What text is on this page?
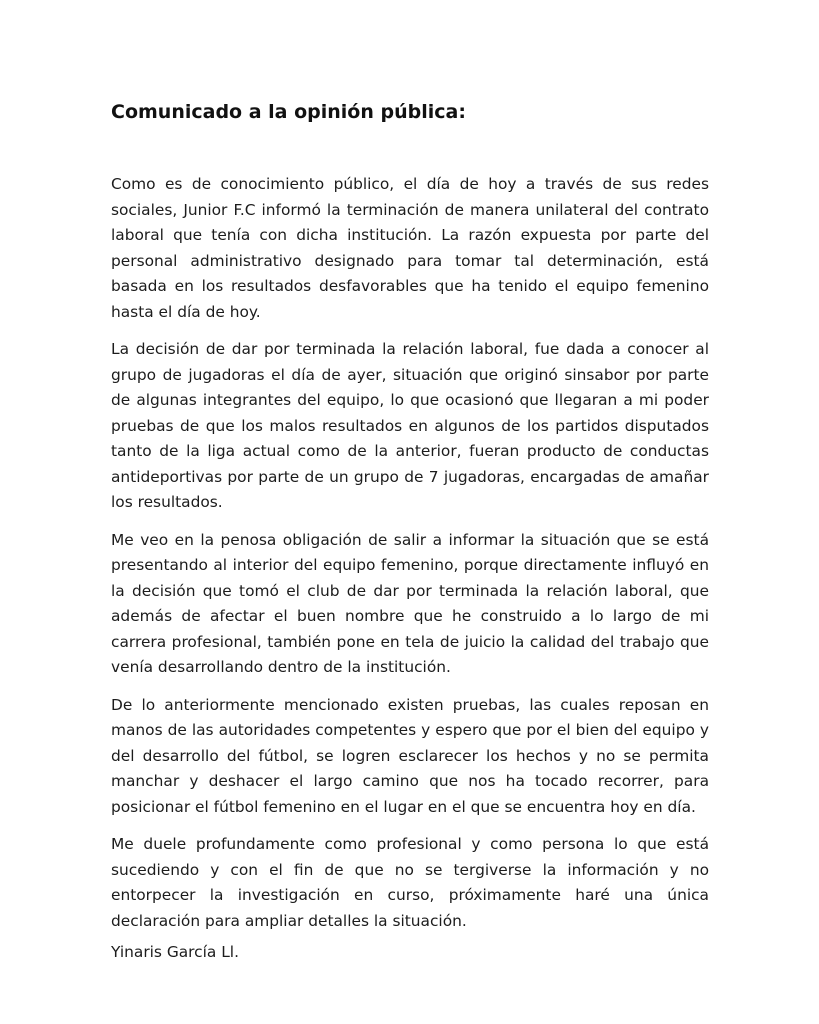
Comunicado a la opinión pública:

Como es de conocimiento público, el día de hoy a través de sus redes sociales, Junior F.C informó la terminación de manera unilateral del contrato laboral que tenía con dicha institución. La razón expuesta por parte del personal administrativo designado para tomar tal determinación, está basada en los resultados desfavorables que ha tenido el equipo femenino hasta el día de hoy.

La decisión de dar por terminada la relación laboral, fue dada a conocer al grupo de jugadoras el día de ayer, situación que originó sinsabor por parte de algunas integrantes del equipo, lo que ocasionó que llegaran a mi poder pruebas de que los malos resultados en algunos de los partidos disputados tanto de la liga actual como de la anterior, fueran producto de conductas antideportivas por parte de un grupo de 7 jugadoras, encargadas de amañar los resultados.

Me veo en la penosa obligación de salir a informar la situación que se está presentando al interior del equipo femenino, porque directamente influyó en la decisión que tomó el club de dar por terminada la relación laboral, que además de afectar el buen nombre que he construido a lo largo de mi carrera profesional, también pone en tela de juicio la calidad del trabajo que venía desarrollando dentro de la institución.

De lo anteriormente mencionado existen pruebas, las cuales reposan en manos de las autoridades competentes y espero que por el bien del equipo y del desarrollo del fútbol, se logren esclarecer los hechos y no se permita manchar y deshacer el largo camino que nos ha tocado recorrer, para posicionar el fútbol femenino en el lugar en el que se encuentra hoy en día.

Me duele profundamente como profesional y como persona lo que está sucediendo y con el fin de que no se tergiverse la información y no entorpecer la investigación en curso, próximamente haré una única declaración para ampliar detalles la situación.

Yinaris García Ll.
